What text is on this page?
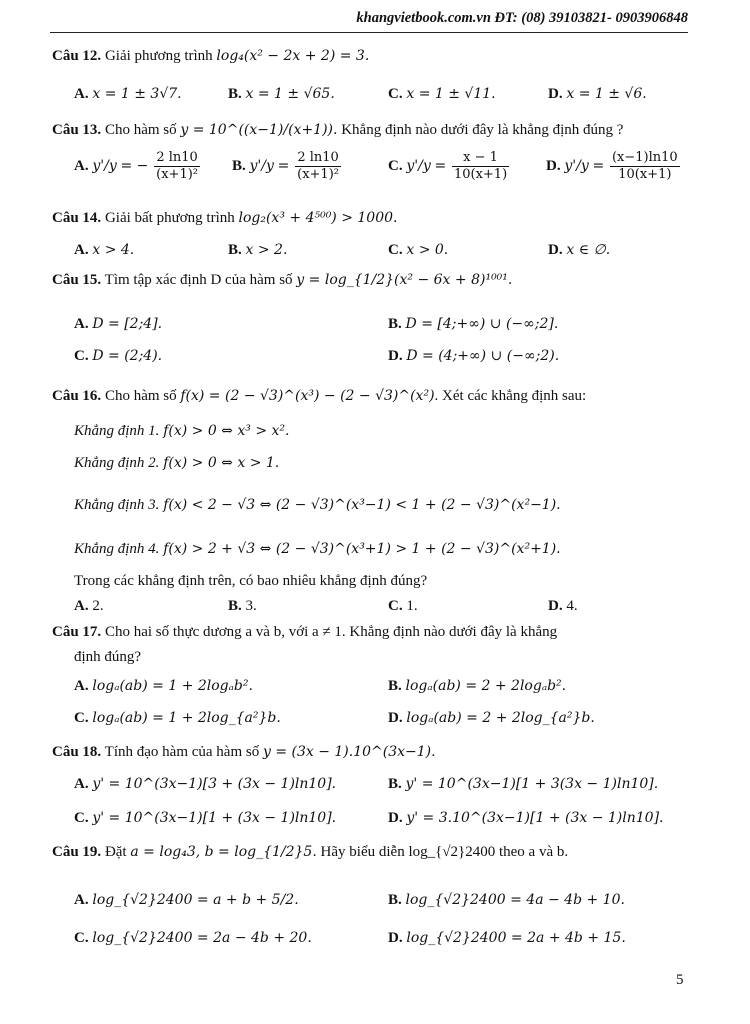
khangvietbook.com.vn ĐT: (08) 39103821- 0903906848
Câu 12. Giải phương trình log₄(x² − 2x + 2) = 3.
A. x = 1 ± 3√7.	B. x = 1 ± √65.	C. x = 1 ± √11.	D. x = 1 ± √6.
Câu 13. Cho hàm số y = 10^((x−1)/(x+1)). Khẳng định nào dưới đây là khẳng định đúng ?
A. y'/y = − $\frac{2 \ln 10}{\text{(x+1)²}} B$. $y'/y = \frac{2 \ln 10}{\text{(x+1)²}}$	C. $y'/y = \frac{x - 1}{10(x+1)} D$. $y'/y = \frac{(x-1)\ln 10}{10(x+1)}$
Câu 14. Giải bất phương trình log₂(x³ + 4⁵⁰⁰) > 1000.
A. x > 4.	B. x > 2.	C. x > 0.	D. x ∈ ∅.
Câu 15. Tìm tập xác định D của hàm số y = log_{1/2}(x² − 6x + 8)¹⁰⁰¹.
A. D = [2;4].	B. D = [4;+∞) ∪ (−∞;2].
C. D = (2;4).	D. D = (4;+∞) ∪ (−∞;2).
Câu 16. Cho hàm số f(x) = (2 − √3)^(x³) − (2 − √3)^(x²). Xét các khẳng định sau:
Khẳng định 1. f(x) > 0 ⇔ x³ > x².
Khẳng định 2. f(x) > 0 ⇔ x > 1.
Khẳng định 3. f(x) < 2 − √3 ⇔ (2 − √3)^(x³−1) < 1 + (2 − √3)^(x²−1).
Khẳng định 4. f(x) > 2 + √3 ⇔ (2 − √3)^(x³+1) > 1 + (2 − √3)^(x²+1).
Trong các khẳng định trên, có bao nhiêu khẳng định đúng?
A. 2.	B. 3.	C. 1.	D. 4.
Câu 17. Cho hai số thực dương a và b, với a ≠ 1. Khẳng định nào dưới đây là khẳng
định đúng?
A. logₐ(ab) = 1 + 2logₐb².	B. logₐ(ab) = 2 + 2logₐb².
C. logₐ(ab) = 1 + 2log_{a²}b.	D. logₐ(ab) = 2 + 2log_{a²}b.
Câu 18. Tính đạo hàm của hàm số y = (3x − 1).10^(3x−1).
A. y' = 10^(3x−1)[3 + (3x − 1)ln10].	B. y' = 10^(3x−1)[1 + 3(3x − 1)ln10].
C. y' = 10^(3x−1)[1 + (3x − 1)ln10].	D. y' = 3.10^(3x−1)[1 + (3x − 1)ln10].
Câu 19. Đặt a = log₄3, b = log_{1/2}5. Hãy biểu diễn log_{√2}2400 theo a và b.
A. log_{√2}2400 = a + b + 5/2.	B. log_{√2}2400 = 4a − 4b + 10.
C. log_{√2}2400 = 2a − 4b + 20.	D. log_{√2}2400 = 2a + 4b + 15.
5
